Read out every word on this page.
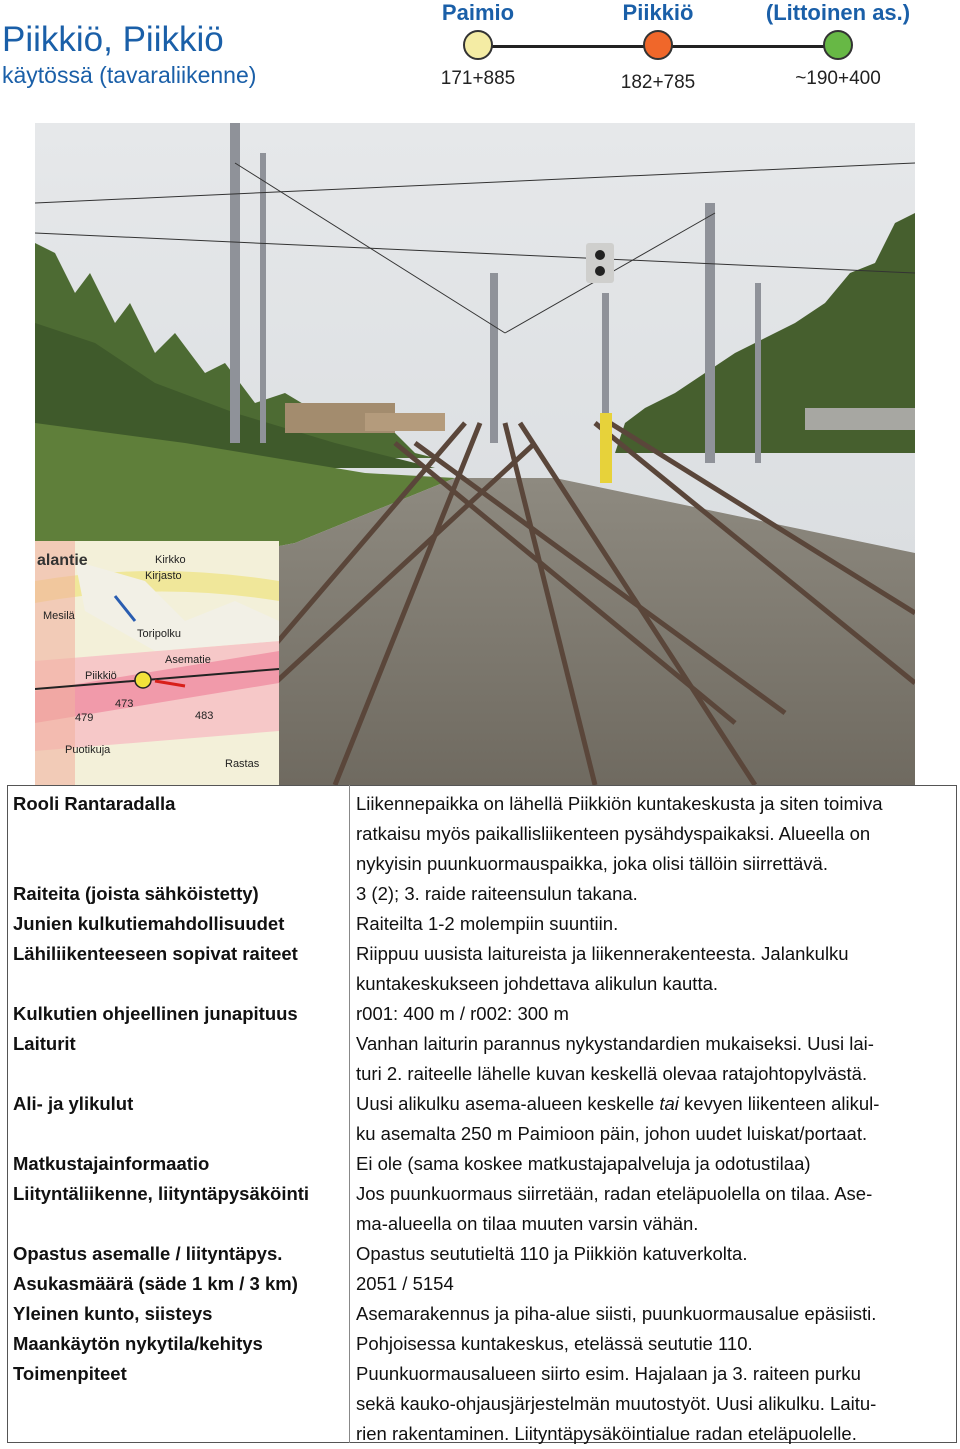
Piikkiö, Piikkiö
käytössä (tavaraliikenne)
Paimio	Piikkiö	(Littoinen as.)
171+885	182+785	~190+400
alantie	Kirkko
Kirjasto
Mesilä
Toripolku
Asematie
Piikkiö
479
473
483
Puotikuja
Rastas
Rooli Rantaradalla	Liikennepaikka on lähellä Piikkiön kuntakeskusta ja siten toimiva
ratkaisu myös paikallisliikenteen pysähdyspaikaksi. Alueella on
nykyisin puunkuormauspaikka, joka olisi tällöin siirrettävä.

Raiteita (joista sähköistetty)	3 (2); 3. raide raiteensulun takana.

Junien kulkutiemahdollisuudet	Raiteilta 1-2 molempiin suuntiin.

Lähiliikenteeseen sopivat raiteet	Riippuu uusista laitureista ja liikennerakenteesta. Jalankulku
kuntakeskukseen johdettava alikulun kautta.

Kulkutien ohjeellinen junapituus	r001: 400 m / r002: 300 m

Laiturit	Vanhan laiturin parannus nykystandardien mukaiseksi. Uusi lai-
turi 2. raiteelle lähelle kuvan keskellä olevaa ratajohtopylvästä.

Ali- ja ylikulut	Uusi alikulku asema-alueen keskelle tai kevyen liikenteen alikul-
ku asemalta 250 m Paimioon päin, johon uudet luiskat/portaat.

Matkustajainformaatio	Ei ole (sama koskee matkustajapalveluja ja odotustilaa)

Liityntäliikenne, liityntäpysäköinti	Jos puunkuormaus siirretään, radan eteläpuolella on tilaa. Ase-
ma-alueella on tilaa muuten varsin vähän.

Opastus asemalle / liityntäpys.	Opastus seututieltä 110 ja Piikkiön katuverkolta.

Asukasmäärä (säde 1 km / 3 km)	2051 / 5154

Yleinen kunto, siisteys	Asemarakennus ja piha-alue siisti, puunkuormausalue epäsiisti.

Maankäytön nykytila/kehitys	Pohjoisessa kuntakeskus, etelässä seututie 110.

Toimenpiteet	Puunkuormausalueen siirto esim. Hajalaan ja 3. raiteen purku
sekä kauko-ohjausjärjestelmän muutostyöt. Uusi alikulku. Laitu-
rien rakentaminen. Liityntäpysäköintialue radan eteläpuolelle.
